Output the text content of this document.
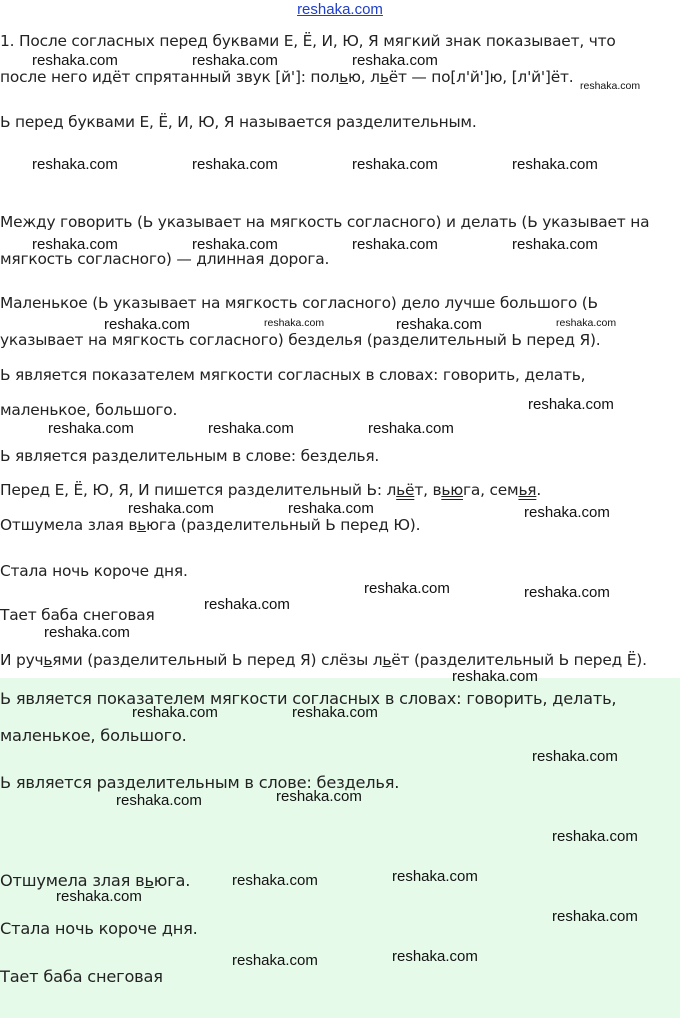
reshaka.com
1. После согласных перед буквами Е, Ё, И, Ю, Я мягкий знак показывает, что
после него идёт спрятанный звук [й']: полью, льёт — по[л'й']ю, [л'й']ёт.
Ь перед буквами Е, Ё, И, Ю, Я называется разделительным.
Между говорить (Ь указывает на мягкость согласного) и делать (Ь указывает на
мягкость согласного) — длинная дорога.
Маленькое (Ь указывает на мягкость согласного) дело лучше большого (Ь
указывает на мягкость согласного) безделья (разделительный Ь перед Я).
Ь является показателем мягкости согласных в словах: говорить, делать,
маленькое, большого.
Ь является разделительным в слове: безделья.
Перед Е, Ё, Ю, Я, И пишется разделительный Ь: льёт, вьюга, семья.
Отшумела злая вьюга (разделительный Ь перед Ю).
Стала ночь короче дня.
Тает баба снеговая
И ручьями (разделительный Ь перед Я) слёзы льёт (разделительный Ь перед Ё).
Ь является показателем мягкости согласных в словах: говорить, делать,
маленькое, большого.
Ь является разделительным в слове: безделья.
Отшумела злая вьюга.
Стала ночь короче дня.
Тает баба снеговая
reshaka.com	reshaka.com	reshaka.com
reshaka.com
reshaka.com	reshaka.com	reshaka.com	reshaka.com
reshaka.com	reshaka.com	reshaka.com	reshaka.com
reshaka.com	reshaka.com	reshaka.com	reshaka.com
reshaka.com
reshaka.com	reshaka.com	reshaka.com
reshaka.com	reshaka.com	reshaka.com
reshaka.com	reshaka.com
reshaka.com
reshaka.com
reshaka.com
reshaka.com	reshaka.com
reshaka.com
reshaka.com
reshaka.com
reshaka.com
reshaka.com
reshaka.com
reshaka.com
reshaka.com
reshaka.com
reshaka.com
